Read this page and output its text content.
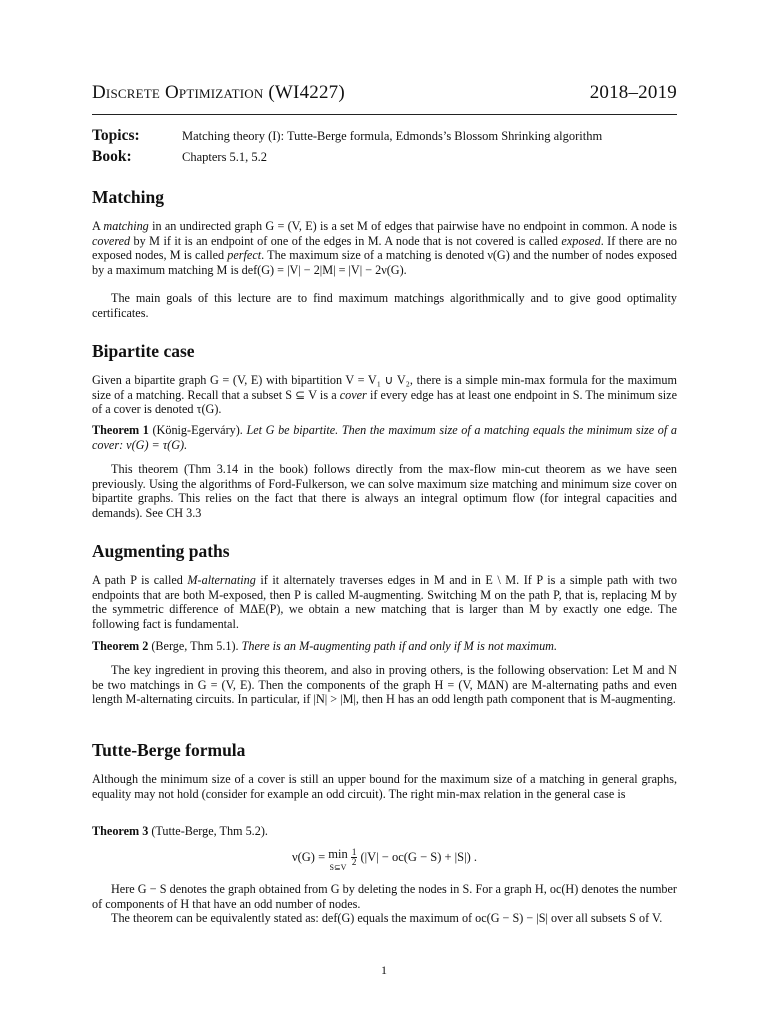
Discrete Optimization (WI4227)	2018–2019
Topics:	Matching theory (I): Tutte-Berge formula, Edmonds’s Blossom Shrinking algorithm
Book:	Chapters 5.1, 5.2
Matching

A matching in an undirected graph G = (V, E) is a set M of edges that pairwise have no endpoint in common. A node is covered by M if it is an endpoint of one of the edges in M. A node that is not covered is called exposed. If there are no exposed nodes, M is called perfect. The maximum size of a matching is denoted ν(G) and the number of nodes exposed by a maximum matching M is def(G) = |V| − 2|M| = |V| − 2ν(G).

The main goals of this lecture are to find maximum matchings algorithmically and to give good optimality certificates.

Bipartite case

Given a bipartite graph G = (V, E) with bipartition V = V₁ ∪ V₂, there is a simple min-max formula for the maximum size of a matching. Recall that a subset S ⊆ V is a cover if every edge has at least one endpoint in S. The minimum size of a cover is denoted τ(G).

Theorem 1 (König-Egerváry). Let G be bipartite. Then the maximum size of a matching equals the minimum size of a cover: ν(G) = τ(G).

This theorem (Thm 3.14 in the book) follows directly from the max-flow min-cut theorem as we have seen previously. Using the algorithms of Ford-Fulkerson, we can solve maximum size matching and minimum size cover on bipartite graphs. This relies on the fact that there is always an integral optimum flow (for integral capacities and demands). See CH 3.3

Augmenting paths

A path P is called M-alternating if it alternately traverses edges in M and in E \ M. If P is a simple path with two endpoints that are both M-exposed, then P is called M-augmenting. Switching M on the path P, that is, replacing M by the symmetric difference of MΔE(P), we obtain a new matching that is larger than M by exactly one edge. The following fact is fundamental.

Theorem 2 (Berge, Thm 5.1). There is an M-augmenting path if and only if M is not maximum.

The key ingredient in proving this theorem, and also in proving others, is the following observation: Let M and N be two matchings in G = (V, E). Then the components of the graph H = (V, MΔN) are M-alternating paths and even length M-alternating circuits. In particular, if |N| > |M|, then H has an odd length path component that is M-augmenting.

Tutte-Berge formula

Although the minimum size of a cover is still an upper bound for the maximum size of a matching in general graphs, equality may not hold (consider for example an odd circuit). The right min-max relation in the general case is

Theorem 3 (Tutte-Berge, Thm 5.2).

ν(G) = min
S⊆V $\frac{1}{2} (|V| - oc(G - S) + |S|)$ .

Here G − S denotes the graph obtained from G by deleting the nodes in S. For a graph H, oc(H) denotes the number of components of H that have an odd number of nodes.

The theorem can be equivalently stated as: def(G) equals the maximum of oc(G − S) − |S| over all subsets S of V.

1
